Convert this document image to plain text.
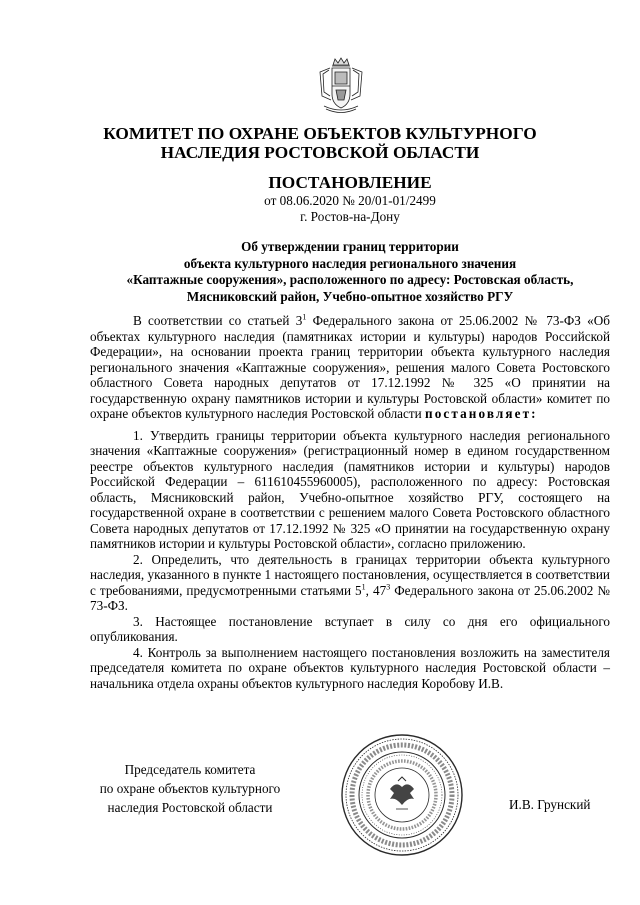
КОМИТЕТ ПО ОХРАНЕ ОБЪЕКТОВ КУЛЬТУРНОГО
НАСЛЕДИЯ РОСТОВСКОЙ ОБЛАСТИ
ПОСТАНОВЛЕНИЕ
от 08.06.2020 № 20/01-01/2499
г. Ростов-на-Дону
Об утверждении границ территории
объекта культурного наследия регионального значения
«Каптажные сооружения», расположенного по адресу: Ростовская область,
Мясниковский район, Учебно-опытное хозяйство РГУ

В соответствии со статьей $3^1$ Федерального закона от 25.06.2002 № 73-ФЗ «Об объектах культурного наследия (памятниках истории и культуры) народов Российской Федерации», на основании проекта границ территории объекта культурного наследия регионального значения «Каптажные сооружения», решения малого Совета Ростовского областного Совета народных депутатов от 17.12.1992 № 325 «О принятии на государственную охрану памятников истории и культуры Ростовской области» комитет по охране объектов культурного наследия Ростовской области постановляет:

1. Утвердить границы территории объекта культурного наследия регионального значения «Каптажные сооружения» (регистрационный номер в едином государственном реестре объектов культурного наследия (памятников истории и культуры) народов Российской Федерации – 611610455960005), расположенного по адресу: Ростовская область, Мясниковский район, Учебно-опытное хозяйство РГУ, состоящего на государственной охране в соответствии с решением малого Совета Ростовского областного Совета народных депутатов от 17.12.1992 № 325 «О принятии на государственную охрану памятников истории и культуры Ростовской области», согласно приложению.

2. Определить, что деятельность в границах территории объекта культурного наследия, указанного в пункте 1 настоящего постановления, осуществляется в соответствии с требованиями, предусмотренными статьями $5^1$, $47^3$ Федерального закона от 25.06.2002 № 73-ФЗ.

3. Настоящее постановление вступает в силу со дня его официального опубликования.

4. Контроль за выполнением настоящего постановления возложить на заместителя председателя комитета по охране объектов культурного наследия Ростовской области – начальника отдела охраны объектов культурного наследия Коробову И.В.

Председатель комитета
по охране объектов культурного
наследия Ростовской области	И.В. Грунский
